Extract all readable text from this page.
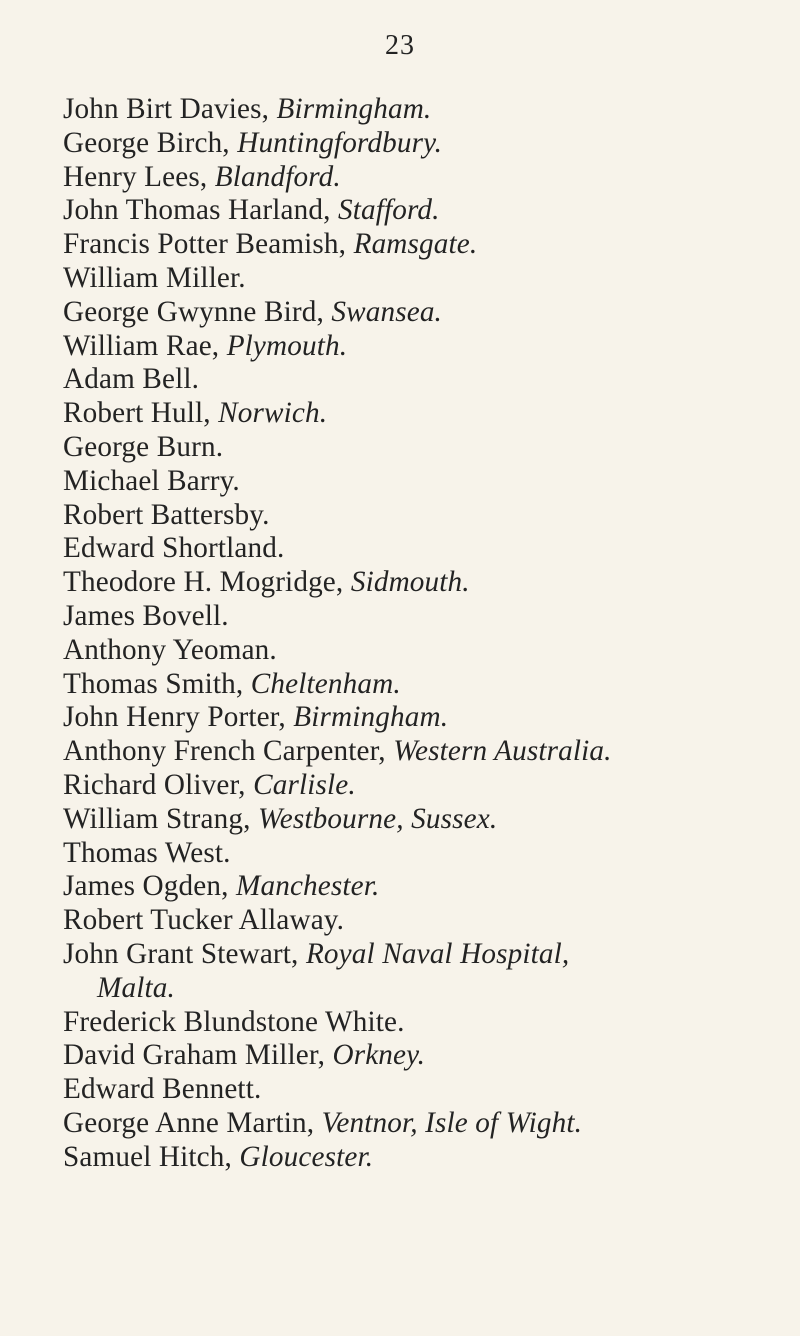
23
John Birt Davies, Birmingham.
George Birch, Huntingfordbury.
Henry Lees, Blandford.
John Thomas Harland, Stafford.
Francis Potter Beamish, Ramsgate.
William Miller.
George Gwynne Bird, Swansea.
William Rae, Plymouth.
Adam Bell.
Robert Hull, Norwich.
George Burn.
Michael Barry.
Robert Battersby.
Edward Shortland.
Theodore H. Mogridge, Sidmouth.
James Bovell.
Anthony Yeoman.
Thomas Smith, Cheltenham.
John Henry Porter, Birmingham.
Anthony French Carpenter, Western Australia.
Richard Oliver, Carlisle.
William Strang, Westbourne, Sussex.
Thomas West.
James Ogden, Manchester.
Robert Tucker Allaway.
John Grant Stewart, Royal Naval Hospital,
Malta.
Frederick Blundstone White.
David Graham Miller, Orkney.
Edward Bennett.
George Anne Martin, Ventnor, Isle of Wight.
Samuel Hitch, Gloucester.
